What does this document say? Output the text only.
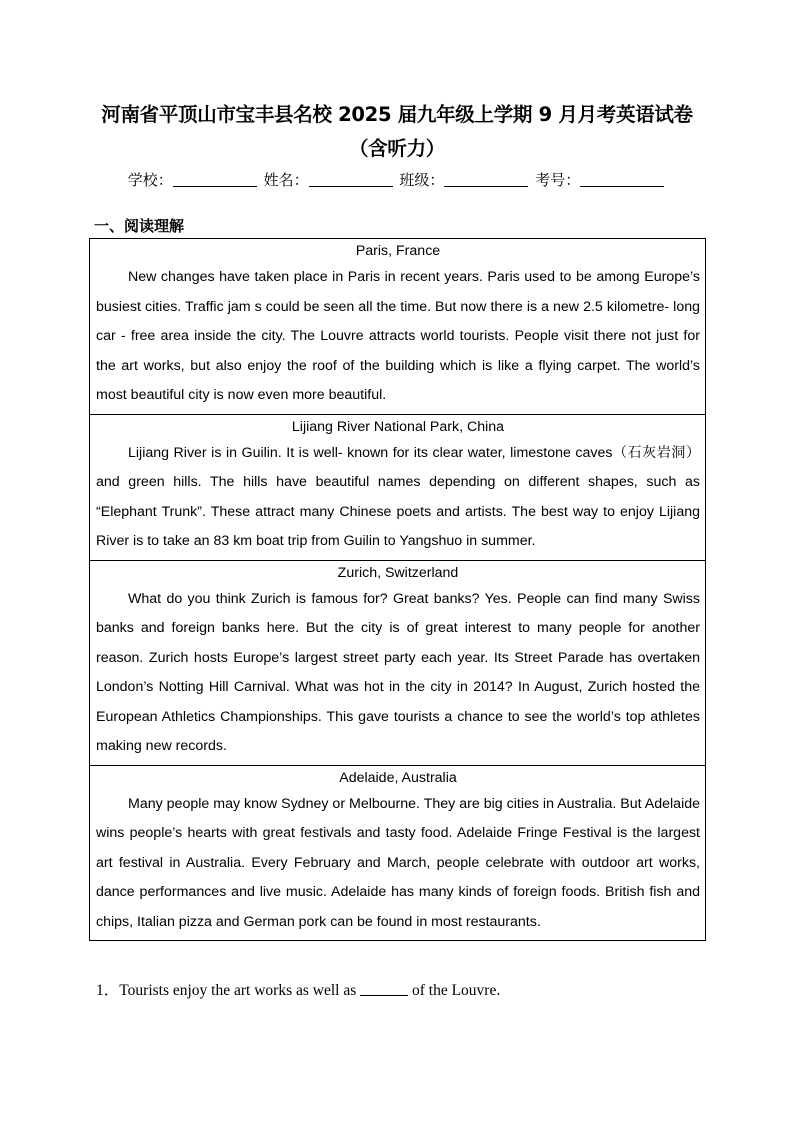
河南省平顶山市宝丰县名校 2025 届九年级上学期 9 月月考英语试卷
（含听力）
学校：	姓名：	班级：	考号：
一、阅读理解
Paris, France
New changes have taken place in Paris in recent years. Paris used to be among Europe’s busiest cities. Traffic jam s could be seen all the time. But now there is a new 2.5 kilometre- long car - free area inside the city. The Louvre attracts world tourists. People visit there not just for the art works, but also enjoy the roof of the building which is like a flying carpet. The world’s most beautiful city is now even more beautiful.

Lijiang River National Park, China
Lijiang River is in Guilin. It is well- known for its clear water, limestone caves（石灰岩洞） and green hills. The hills have beautiful names depending on different shapes, such as “Elephant Trunk”. These attract many Chinese poets and artists. The best way to enjoy Lijiang River is to take an 83 km boat trip from Guilin to Yangshuo in summer.

Zurich, Switzerland
What do you think Zurich is famous for? Great banks? Yes. People can find many Swiss banks and foreign banks here. But the city is of great interest to many people for another reason. Zurich hosts Europe’s largest street party each year. Its Street Parade has overtaken London’s Notting Hill Carnival. What was hot in the city in 2014? In August, Zurich hosted the European Athletics Championships. This gave tourists a chance to see the world’s top athletes making new records.

Adelaide, Australia
Many people may know Sydney or Melbourne. They are big cities in Australia. But Adelaide wins people’s hearts with great festivals and tasty food. Adelaide Fringe Festival is the largest art festival in Australia. Every February and March, people celebrate with outdoor art works, dance performances and live music. Adelaide has many kinds of foreign foods. British fish and chips, Italian pizza and German pork can be found in most restaurants.
1．Tourists enjoy the art works as well as	of the Louvre.
